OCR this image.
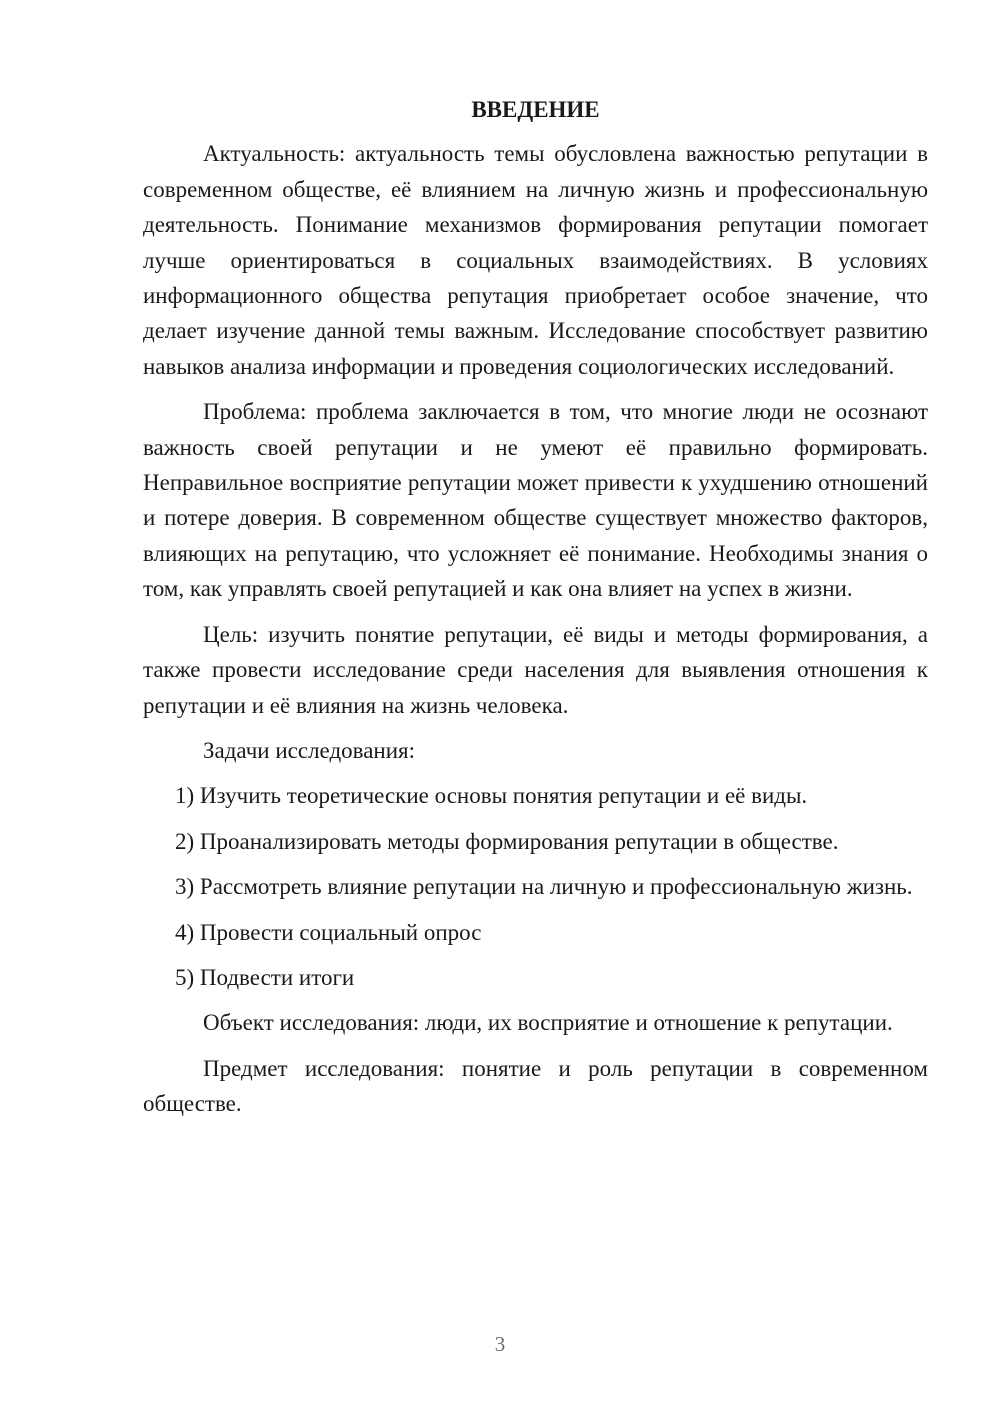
ВВЕДЕНИЕ

Актуальность: актуальность темы обусловлена важностью репутации в современном обществе, её влиянием на личную жизнь и профессиональную деятельность. Понимание механизмов формирования репутации помогает лучше ориентироваться в социальных взаимодействиях. В условиях информационного общества репутация приобретает особое значение, что делает изучение данной темы важным. Исследование способствует развитию навыков анализа информации и проведения социологических исследований.

Проблема: проблема заключается в том, что многие люди не осознают важность своей репутации и не умеют её правильно формировать. Неправильное восприятие репутации может привести к ухудшению отношений и потере доверия. В современном обществе существует множество факторов, влияющих на репутацию, что усложняет её понимание. Необходимы знания о том, как управлять своей репутацией и как она влияет на успех в жизни.

Цель: изучить понятие репутации, её виды и методы формирования, а также провести исследование среди населения для выявления отношения к репутации и её влияния на жизнь человека.

Задачи исследования:

1) Изучить теоретические основы понятия репутации и её виды.

2) Проанализировать методы формирования репутации в обществе.

3) Рассмотреть влияние репутации на личную и профессиональную жизнь.

4) Провести социальный опрос

5) Подвести итоги

Объект исследования: люди, их восприятие и отношение к репутации.

Предмет исследования: понятие и роль репутации в современном обществе.

3
